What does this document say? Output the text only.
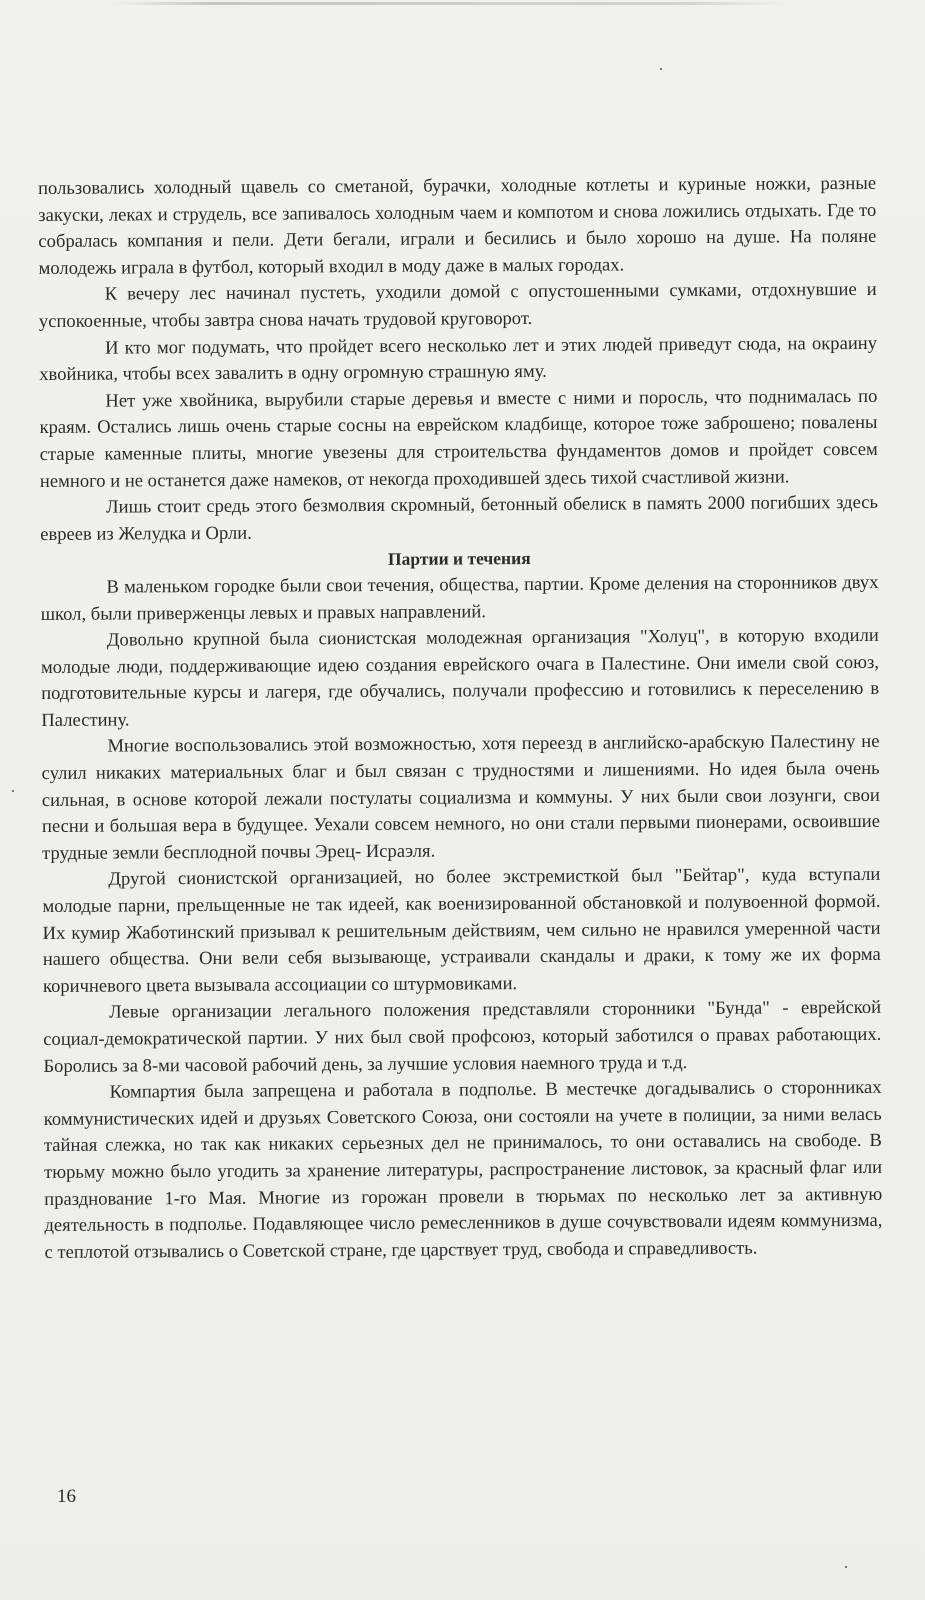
пользовались холодный щавель со сметаной, бурачки, холодные котлеты и куриные ножки, разные закуски, леках и струдель, все запивалось холодным чаем и компотом и снова ложились отдыхать. Где то собралась компания и пели. Дети бегали, играли и бесились и было хорошо на душе. На поляне молодежь играла в футбол, который входил в моду даже в малых городах.

К вечеру лес начинал пустеть, уходили домой с опустошенными сумками, отдохнувшие и успокоенные, чтобы завтра снова начать трудовой круговорот.

И кто мог подумать, что пройдет всего несколько лет и этих людей приведут сюда, на окраину хвойника, чтобы всех завалить в одну огромную страшную яму.

Нет уже хвойника, вырубили старые деревья и вместе с ними и поросль, что поднималась по краям. Остались лишь очень старые сосны на еврейском кладбище, которое тоже заброшено; повалены старые каменные плиты, многие увезены для строительства фундаментов домов и пройдет совсем немного и не останется даже намеков, от некогда проходившей здесь тихой счастливой жизни.

Лишь стоит средь этого безмолвия скромный, бетонный обелиск в память 2000 погибших здесь евреев из Желудка и Орли.

Партии и течения

В маленьком городке были свои течения, общества, партии. Кроме деления на сторонников двух школ, были приверженцы левых и правых направлений.

Довольно крупной была сионистская молодежная организация "Холуц", в которую входили молодые люди, поддерживающие идею создания еврейского очага в Палестине. Они имели свой союз, подготовительные курсы и лагеря, где обучались, получали профессию и готовились к переселению в Палестину.

Многие воспользовались этой возможностью, хотя переезд в английско-арабскую Палестину не сулил никаких материальных благ и был связан с трудностями и лишениями. Но идея была очень сильная, в основе которой лежали постулаты социализма и коммуны. У них были свои лозунги, свои песни и большая вера в будущее. Уехали совсем немного, но они стали первыми пионерами, освоившие трудные земли бесплодной почвы Эрец- Исраэля.

Другой сионистской организацией, но более экстремисткой был "Бейтар", куда вступали молодые парни, прельщенные не так идеей, как военизированной обстановкой и полувоенной формой. Их кумир Жаботинский призывал к решительным действиям, чем сильно не нравился умеренной части нашего общества. Они вели себя вызывающе, устраивали скандалы и драки, к тому же их форма коричневого цвета вызывала ассоциации со штурмовиками.

Левые организации легального положения представляли сторонники "Бунда" - еврейской социал-демократической партии. У них был свой профсоюз, который заботился о правах работающих. Боролись за 8-ми часовой рабочий день, за лучшие условия наемного труда и т.д.

Компартия была запрещена и работала в подполье. В местечке догадывались о сторонниках коммунистических идей и друзьях Советского Союза, они состояли на учете в полиции, за ними велась тайная слежка, но так как никаких серьезных дел не принималось, то они оставались на свободе. В тюрьму можно было угодить за хранение литературы, распространение листовок, за красный флаг или празднование 1-го Мая. Многие из горожан провели в тюрьмах по несколько лет за активную деятельность в подполье. Подавляющее число ремесленников в душе сочувствовали идеям коммунизма, с теплотой отзывались о Советской стране, где царствует труд, свобода и справедливость.

16
